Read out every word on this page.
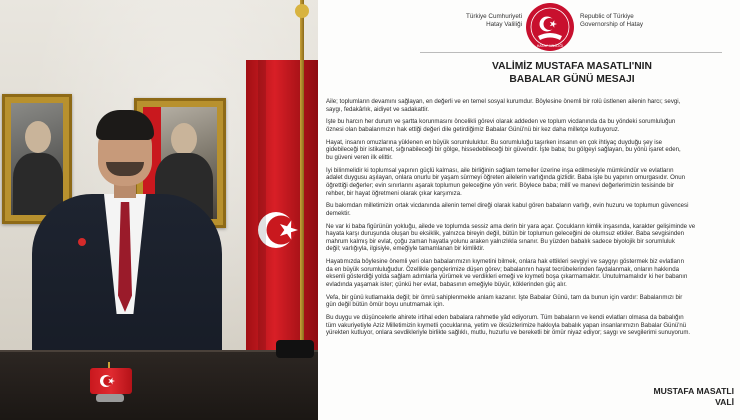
Türkiye Cumhuriyeti
Hatay Valiliği
HATAY VALİLİĞİ
Republic of Türkiye
Governorship of Hatay
VALİMİZ MUSTAFA MASATLI'NIN
BABALAR GÜNÜ MESAJI

Aile; toplumların devamını sağlayan, en değerli ve en temel sosyal kurumdur. Böylesine önemli bir rolü üstlenen ailenin harcı; sevgi,
saygı, fedakârlık, aidiyet ve sadakattir.

İşte bu harcın her durum ve şartta korunmasını öncelikli görevi olarak addeden ve toplum vicdanında da bu yöndeki sorumluluğun
öznesi olan babalarımızın hak ettiği değeri dile getirdiğimiz Babalar Günü'nü bir kez daha milletçe kutluyoruz.

Hayat, insanın omuzlarına yüklenen en büyük sorumluluktur. Bu sorumluluğu taşırken insanın en çok ihtiyaç duyduğu şey ise
gidebileceği bir istikamet, sığınabileceği bir gölge, hissedebileceği bir güvendir. İşte baba; bu gölgeyi sağlayan, bu yönü işaret eden,
bu güveni veren ilk elittir.

İyi bilinmelidir ki toplumsal yapının güçlü kalması, aile birliğinin sağlam temeller üzerine inşa edilmesiyle mümkündür ve evlatların
adalet duygusu aşılayan, onlara onurlu bir yaşam sürmeyi öğreten ailelerin varlığında gizlidir. Baba işte bu yapının omurgasıdır. Onun
öğrettiği değerler; evin sınırlarını aşarak toplumun geleceğine yön verir. Böylece baba; millî ve manevi değerlerimizin tesisinde bir
rehber, bir hayat öğretmeni olarak çıkar karşımıza.

Bu bakımdan milletimizin ortak vicdanında ailenin temel direği olarak kabul gören babaların varlığı, evin huzuru ve toplumun güvencesi
demektir.

Ne var ki baba figürünün yokluğu, ailede ve toplumda sessiz ama derin bir yara açar. Çocukların kimlik inşasında, karakter gelişiminde ve
hayata karşı duruşunda oluşan bu eksiklik, yalnızca bireyin değil, bütün bir toplumun geleceğini de olumsuz etkiler. Baba sevgisinden
mahrum kalmış bir evlat, çoğu zaman hayatla yolunu araken yalnızlıkla sınanır. Bu yüzden babalık sadece biyolojik bir sorumluluk
değil; varlığıyla, ilgisiyle, emeğiyle tamamlanan bir kimliktir.

Hayatımızda böylesine önemli yeri olan babalarımızın kıymetini bilmek, onlara hak ettikleri sevgiyi ve saygıyı göstermek biz evlatların
da en büyük sorumluluğudur. Özellikle gençlerimize düşen görev; babalarının hayat tecrübelerinden faydalanmak, onların hakkında
eksenli gösterdiği yolda sağlam adımlarla yürümek ve verdikleri emeği ve kıymeti boşa çıkarmamaktır. Unutulmamalıdır ki her babanın
evladında yaşamak ister; çünkü her evlat, babasının emeğiyle büyür, köklerinden güç alır.

Vefa, bir günü kutlamakla değil; bir ömrü sahiplenmekle anlam kazanır. İşte Babalar Günü, tam da bunun için vardır: Babalarımızı bir
gün değil bütün ömür boyu unutmamak için.

Bu duygu ve düşüncelerle ahirete irtihal eden babalara rahmetle yâd ediyorum. Tüm babaların ve kendi evlatları olmasa da babalığın
tüm vakuriyetiyle Aziz Milletimizin kıymetli çocuklarına, yetim ve öksüzlerimize hakkıyla babalık yapan insanlarımızın Babalar Günü'nü
yürekten kutluyor, onlara sevdikleriyle birlikte sağlıklı, mutlu, huzurlu ve bereketli bir ömür niyaz ediyor; saygı ve sevgilerimi sunuyorum.

MUSTAFA MASATLI
VALİ
